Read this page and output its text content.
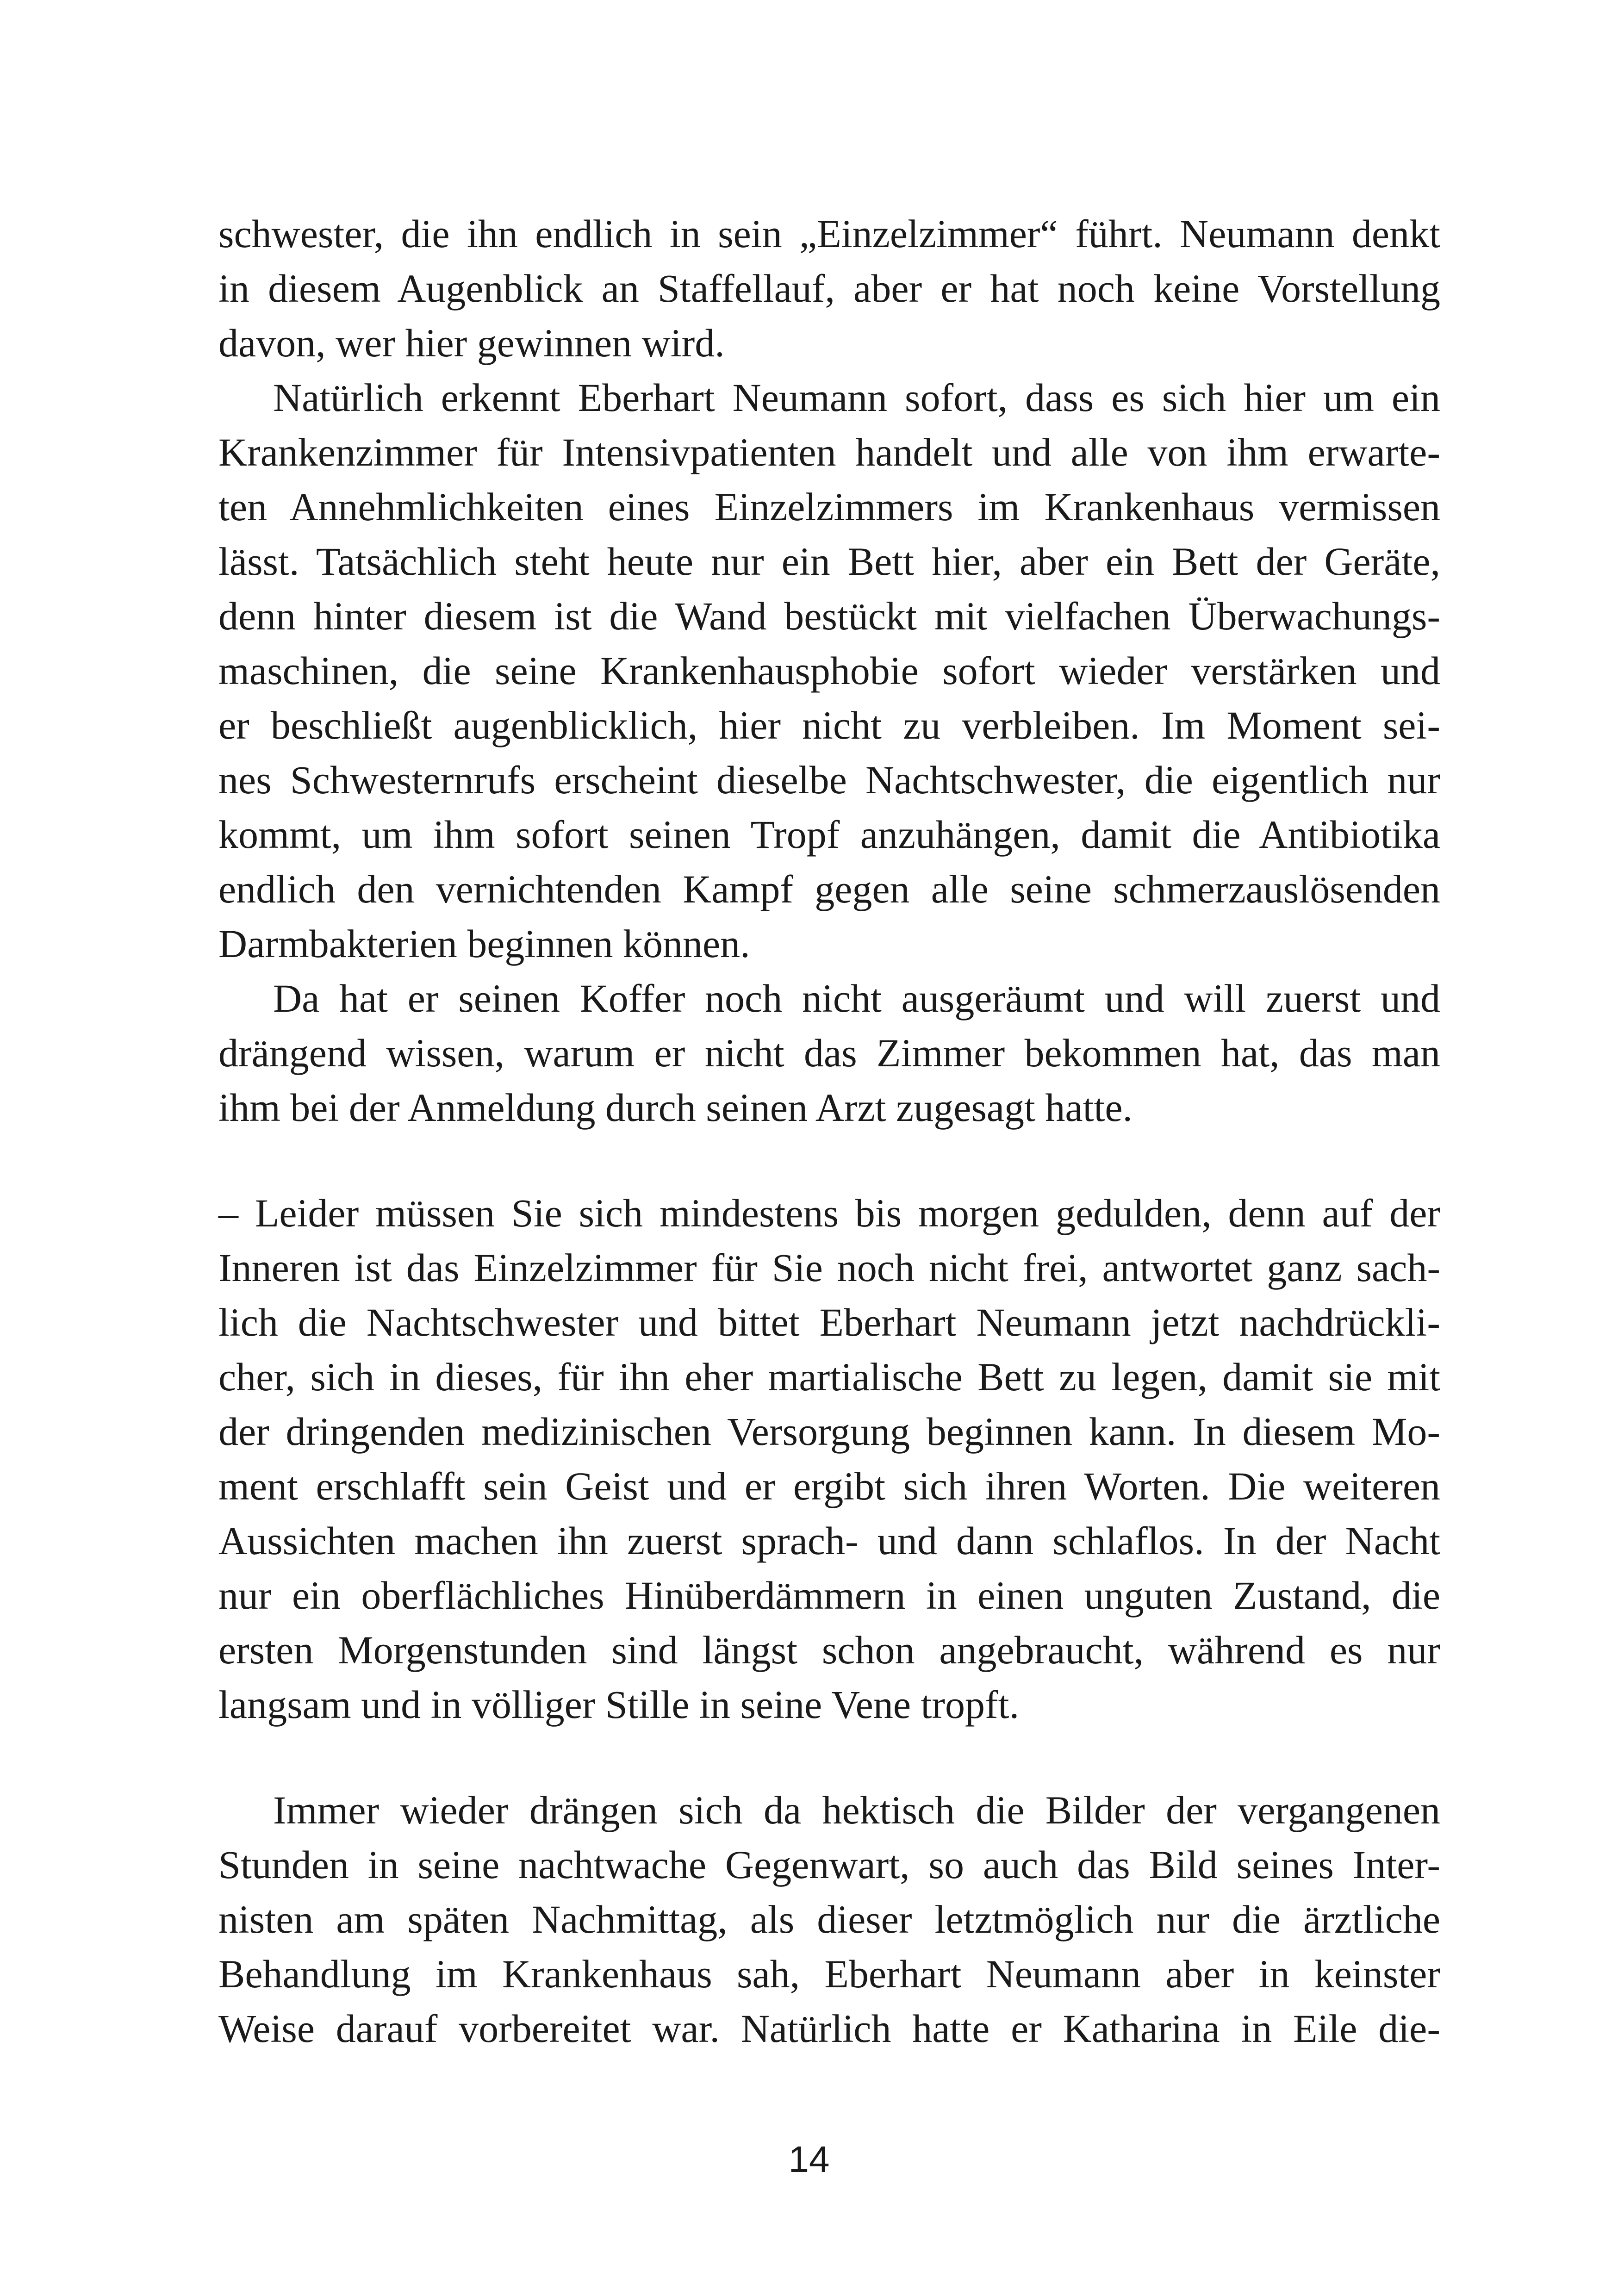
schwester, die ihn endlich in sein „Einzelzimmer“ führt. Neumann denkt
in diesem Augenblick an Staffellauf, aber er hat noch keine Vorstellung
davon, wer hier gewinnen wird.
Natürlich erkennt Eberhart Neumann sofort, dass es sich hier um ein
Krankenzimmer für Intensivpatienten handelt und alle von ihm erwarte-
ten Annehmlichkeiten eines Einzelzimmers im Krankenhaus vermissen
lässt. Tatsächlich steht heute nur ein Bett hier, aber ein Bett der Geräte,
denn hinter diesem ist die Wand bestückt mit vielfachen Überwachungs-
maschinen, die seine Krankenhausphobie sofort wieder verstärken und
er beschließt augenblicklich, hier nicht zu verbleiben. Im Moment sei-
nes Schwesternrufs erscheint dieselbe Nachtschwester, die eigentlich nur
kommt, um ihm sofort seinen Tropf anzuhängen, damit die Antibiotika
endlich den vernichtenden Kampf gegen alle seine schmerzauslösenden
Darmbakterien beginnen können.
Da hat er seinen Koffer noch nicht ausgeräumt und will zuerst und
drängend wissen, warum er nicht das Zimmer bekommen hat, das man
ihm bei der Anmeldung durch seinen Arzt zugesagt hatte.
– Leider müssen Sie sich mindestens bis morgen gedulden, denn auf der
Inneren ist das Einzelzimmer für Sie noch nicht frei, antwortet ganz sach-
lich die Nachtschwester und bittet Eberhart Neumann jetzt nachdrückli-
cher, sich in dieses, für ihn eher martialische Bett zu legen, damit sie mit
der dringenden medizinischen Versorgung beginnen kann. In diesem Mo-
ment erschlafft sein Geist und er ergibt sich ihren Worten. Die weiteren
Aussichten machen ihn zuerst sprach- und dann schlaflos. In der Nacht
nur ein oberflächliches Hinüberdämmern in einen unguten Zustand, die
ersten Morgenstunden sind längst schon angebraucht, während es nur
langsam und in völliger Stille in seine Vene tropft.
Immer wieder drängen sich da hektisch die Bilder der vergangenen
Stunden in seine nachtwache Gegenwart, so auch das Bild seines Inter-
nisten am späten Nachmittag, als dieser letztmöglich nur die ärztliche
Behandlung im Krankenhaus sah, Eberhart Neumann aber in keinster
Weise darauf vorbereitet war. Natürlich hatte er Katharina in Eile die-
14
